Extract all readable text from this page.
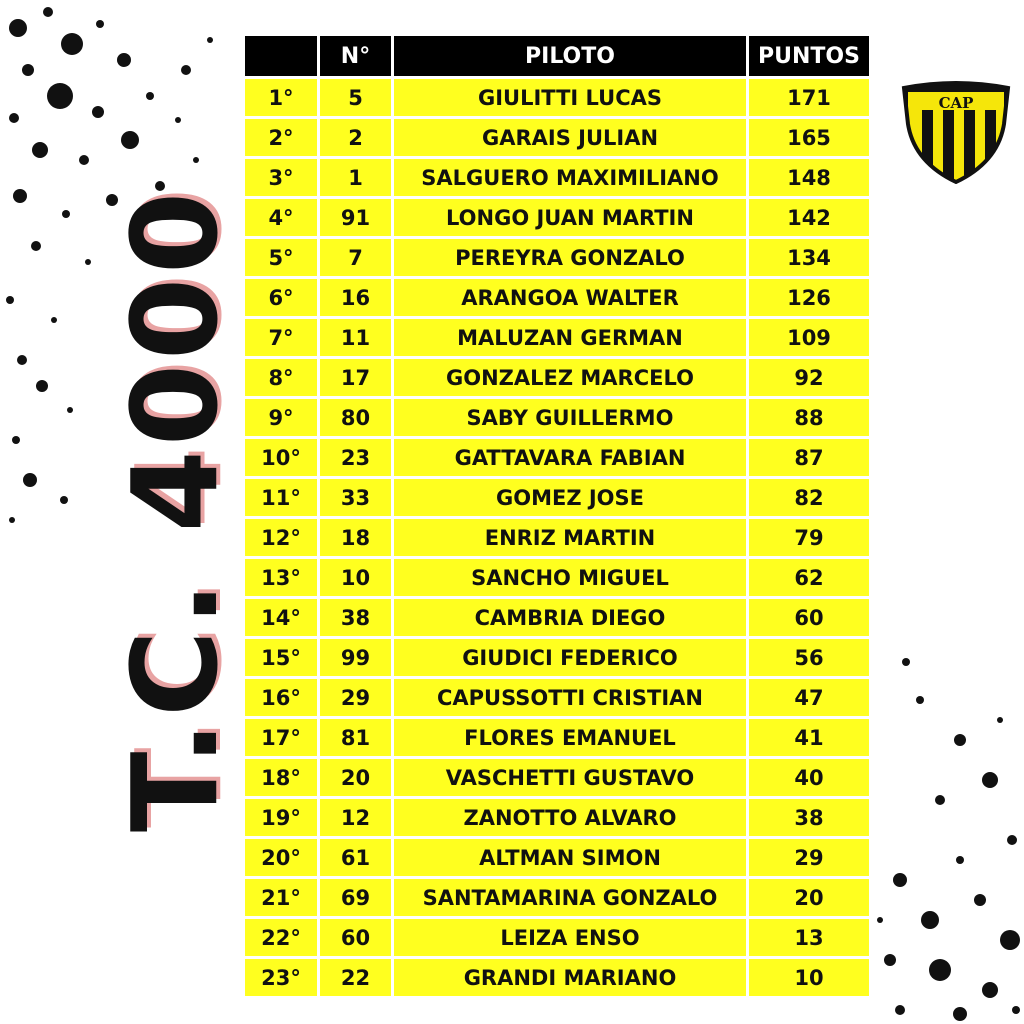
T.C. 4000
CAP
	N°	PILOTO	PUNTOS
1°	5	GIULITTI LUCAS	171
2°	2	GARAIS JULIAN	165
3°	1	SALGUERO MAXIMILIANO	148
4°	91	LONGO JUAN MARTIN	142
5°	7	PEREYRA GONZALO	134
6°	16	ARANGOA WALTER	126
7°	11	MALUZAN GERMAN	109
8°	17	GONZALEZ MARCELO	92
9°	80	SABY GUILLERMO	88
10°	23	GATTAVARA FABIAN	87
11°	33	GOMEZ JOSE	82
12°	18	ENRIZ MARTIN	79
13°	10	SANCHO MIGUEL	62
14°	38	CAMBRIA DIEGO	60
15°	99	GIUDICI FEDERICO	56
16°	29	CAPUSSOTTI CRISTIAN	47
17°	81	FLORES EMANUEL	41
18°	20	VASCHETTI GUSTAVO	40
19°	12	ZANOTTO ALVARO	38
20°	61	ALTMAN SIMON	29
21°	69	SANTAMARINA GONZALO	20
22°	60	LEIZA ENSO	13
23°	22	GRANDI MARIANO	10
